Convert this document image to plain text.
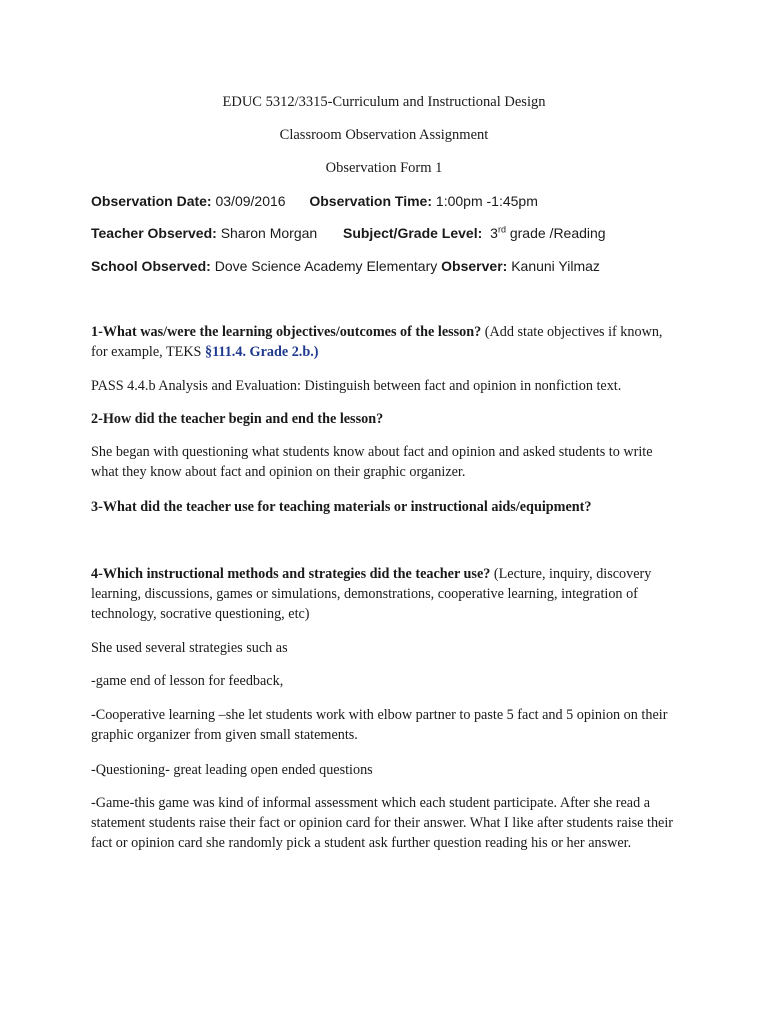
EDUC 5312/3315-Curriculum and Instructional Design
Classroom Observation Assignment
Observation Form 1
Observation Date: 03/09/2016 Observation Time: 1:00pm -1:45pm
Teacher Observed: Sharon Morgan Subject/Grade Level: 3rd grade /Reading
School Observed: Dove Science Academy Elementary Observer: Kanuni Yilmaz
1-What was/were the learning objectives/outcomes of the lesson? (Add state objectives if known, for example, TEKS §111.4. Grade 2.b.)
PASS 4.4.b Analysis and Evaluation: Distinguish between fact and opinion in nonfiction text.
2-How did the teacher begin and end the lesson?
She began with questioning what students know about fact and opinion and asked students to write what they know about fact and opinion on their graphic organizer.
3-What did the teacher use for teaching materials or instructional aids/equipment?
4-Which instructional methods and strategies did the teacher use? (Lecture, inquiry, discovery learning, discussions, games or simulations, demonstrations, cooperative learning, integration of technology, socrative questioning, etc)
She used several strategies such as
-game end of lesson for feedback,
-Cooperative learning –she let students work with elbow partner to paste 5 fact and 5 opinion on their graphic organizer from given small statements.
-Questioning- great leading open ended questions
-Game-this game was kind of informal assessment which each student participate. After she read a statement students raise their fact or opinion card for their answer. What I like after students raise their fact or opinion card she randomly pick a student ask further question reading his or her answer.
